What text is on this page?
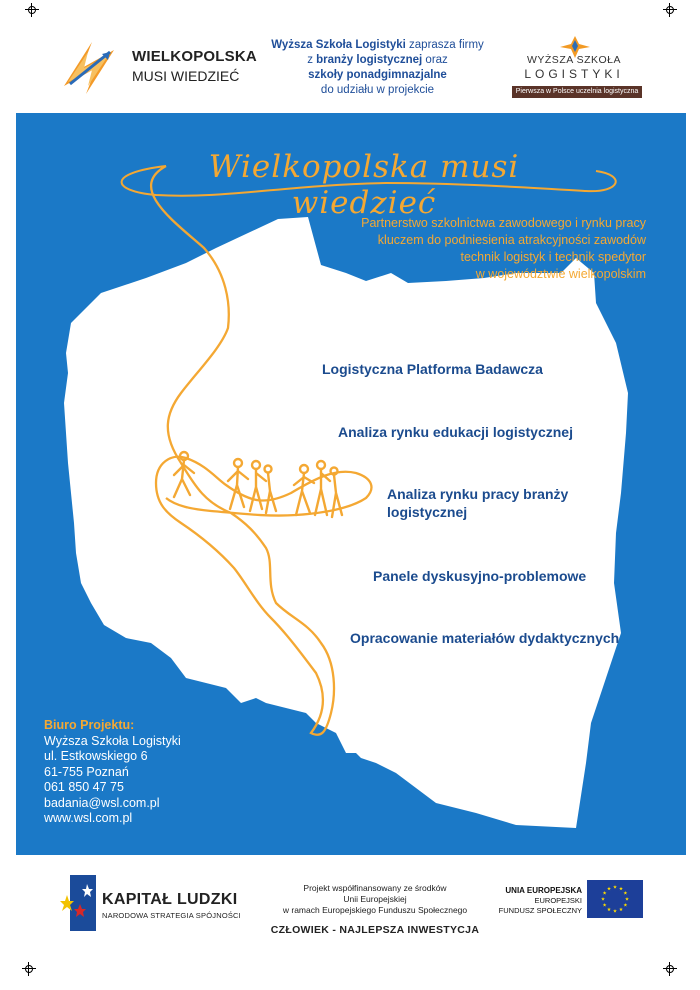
WIELKOPOLSKA
MUSI WIEDZIEĆ
Wyższa Szkoła Logistyki zaprasza firmy z branży logistycznej oraz
szkoły ponadgimnazjalne
do udziału w projekcie
WYŻSZA SZKOŁA
LOGISTYKI
Pierwsza w Polsce uczelnia logistyczna
Wielkopolska musi wiedzieć
Partnerstwo szkolnictwa zawodowego i rynku pracy
kluczem do podniesienia atrakcyjności zawodów
technik logistyk i technik spedytor
w województwie wielkopolskim
Logistyczna Platforma Badawcza
Analiza rynku edukacji logistycznej
Analiza rynku pracy branży
logistycznej
Panele dyskusyjno-problemowe
Opracowanie materiałów dydaktycznych
Biuro Projektu:
Wyższa Szkoła Logistyki
ul. Estkowskiego 6
61-755 Poznań
061 850 47 75
badania@wsl.com.pl
www.wsl.com.pl
KAPITAŁ LUDZKI
NARODOWA STRATEGIA SPÓJNOŚCI
Projekt współfinansowany ze środków
Unii Europejskiej
w ramach Europejskiego Funduszu Społecznego
CZŁOWIEK - NAJLEPSZA INWESTYCJA
UNIA EUROPEJSKA
EUROPEJSKI
FUNDUSZ SPOŁECZNY
